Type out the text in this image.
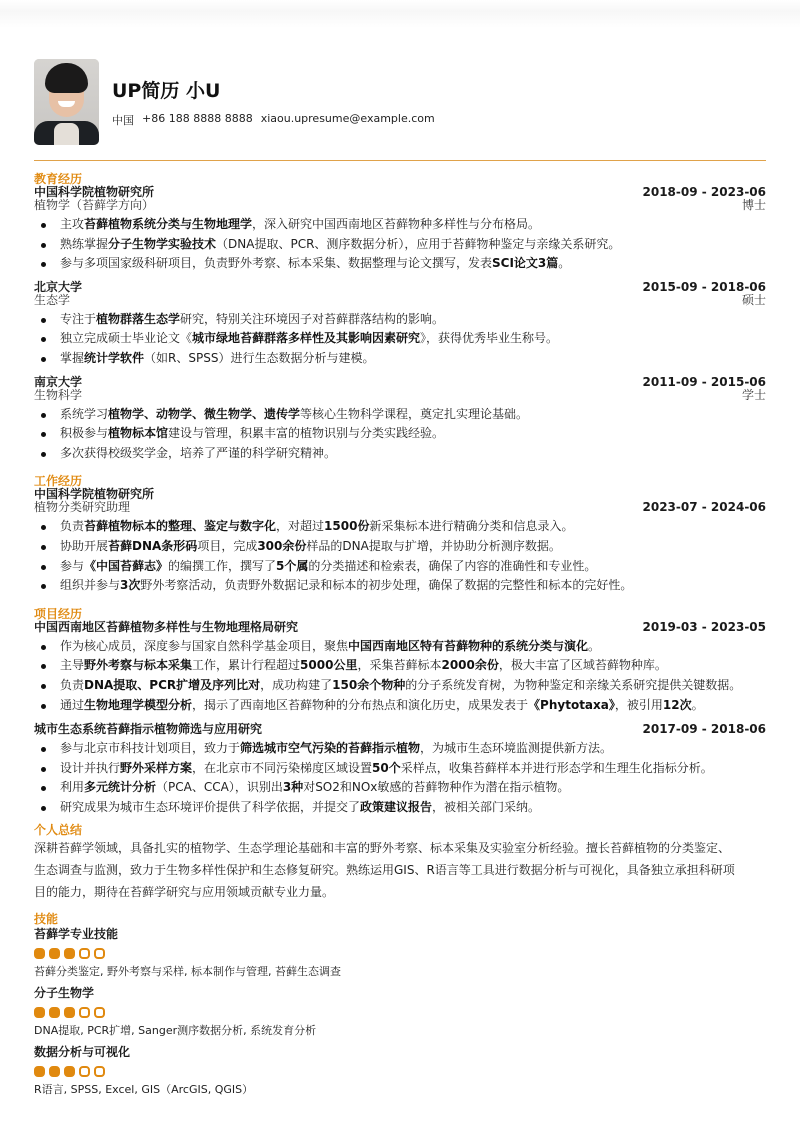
UP简历 小U
中国 +86 188 8888 8888 xiaou.upresume@example.com
教育经历
中国科学院植物研究所	2018-09 - 2023-06
植物学（苔藓学方向）	博士
主攻苔藓植物系统分类与生物地理学，深入研究中国西南地区苔藓物种多样性与分布格局。
熟练掌握分子生物学实验技术（DNA提取、PCR、测序数据分析），应用于苔藓物种鉴定与亲缘关系研究。
参与多项国家级科研项目，负责野外考察、标本采集、数据整理与论文撰写，发表SCI论文3篇。
北京大学	2015-09 - 2018-06
生态学	硕士
专注于植物群落生态学研究，特别关注环境因子对苔藓群落结构的影响。
独立完成硕士毕业论文《城市绿地苔藓群落多样性及其影响因素研究》，获得优秀毕业生称号。
掌握统计学软件（如R、SPSS）进行生态数据分析与建模。
南京大学	2011-09 - 2015-06
生物科学	学士
系统学习植物学、动物学、微生物学、遗传学等核心生物科学课程，奠定扎实理论基础。
积极参与植物标本馆建设与管理，积累丰富的植物识别与分类实践经验。
多次获得校级奖学金，培养了严谨的科学研究精神。
工作经历
中国科学院植物研究所
植物分类研究助理	2023-07 - 2024-06
负责苔藓植物标本的整理、鉴定与数字化，对超过1500份新采集标本进行精确分类和信息录入。
协助开展苔藓DNA条形码项目，完成300余份样品的DNA提取与扩增，并协助分析测序数据。
参与《中国苔藓志》的编撰工作，撰写了5个属的分类描述和检索表，确保了内容的准确性和专业性。
组织并参与3次野外考察活动，负责野外数据记录和标本的初步处理，确保了数据的完整性和标本的完好性。
项目经历
中国西南地区苔藓植物多样性与生物地理格局研究	2019-03 - 2023-05
作为核心成员，深度参与国家自然科学基金项目，聚焦中国西南地区特有苔藓物种的系统分类与演化。
主导野外考察与标本采集工作，累计行程超过5000公里，采集苔藓标本2000余份，极大丰富了区域苔藓物种库。
负责DNA提取、PCR扩增及序列比对，成功构建了150余个物种的分子系统发育树，为物种鉴定和亲缘关系研究提供关键数据。
通过生物地理学模型分析，揭示了西南地区苔藓物种的分布热点和演化历史，成果发表于《Phytotaxa》，被引用12次。
城市生态系统苔藓指示植物筛选与应用研究	2017-09 - 2018-06
参与北京市科技计划项目，致力于筛选城市空气污染的苔藓指示植物，为城市生态环境监测提供新方法。
设计并执行野外采样方案，在北京市不同污染梯度区域设置50个采样点，收集苔藓样本并进行形态学和生理生化指标分析。
利用多元统计分析（PCA、CCA），识别出3种对SO2和NOx敏感的苔藓物种作为潜在指示植物。
研究成果为城市生态环境评价提供了科学依据，并提交了政策建议报告，被相关部门采纳。
个人总结
深耕苔藓学领域，具备扎实的植物学、生态学理论基础和丰富的野外考察、标本采集及实验室分析经验。擅长苔藓植物的分类鉴定、
生态调查与监测，致力于生物多样性保护和生态修复研究。熟练运用GIS、R语言等工具进行数据分析与可视化，具备独立承担科研项
目的能力，期待在苔藓学研究与应用领域贡献专业力量。
技能
苔藓学专业技能
苔藓分类鉴定, 野外考察与采样, 标本制作与管理, 苔藓生态调查
分子生物学
DNA提取, PCR扩增, Sanger测序数据分析, 系统发育分析
数据分析与可视化
R语言, SPSS, Excel, GIS（ArcGIS, QGIS）
